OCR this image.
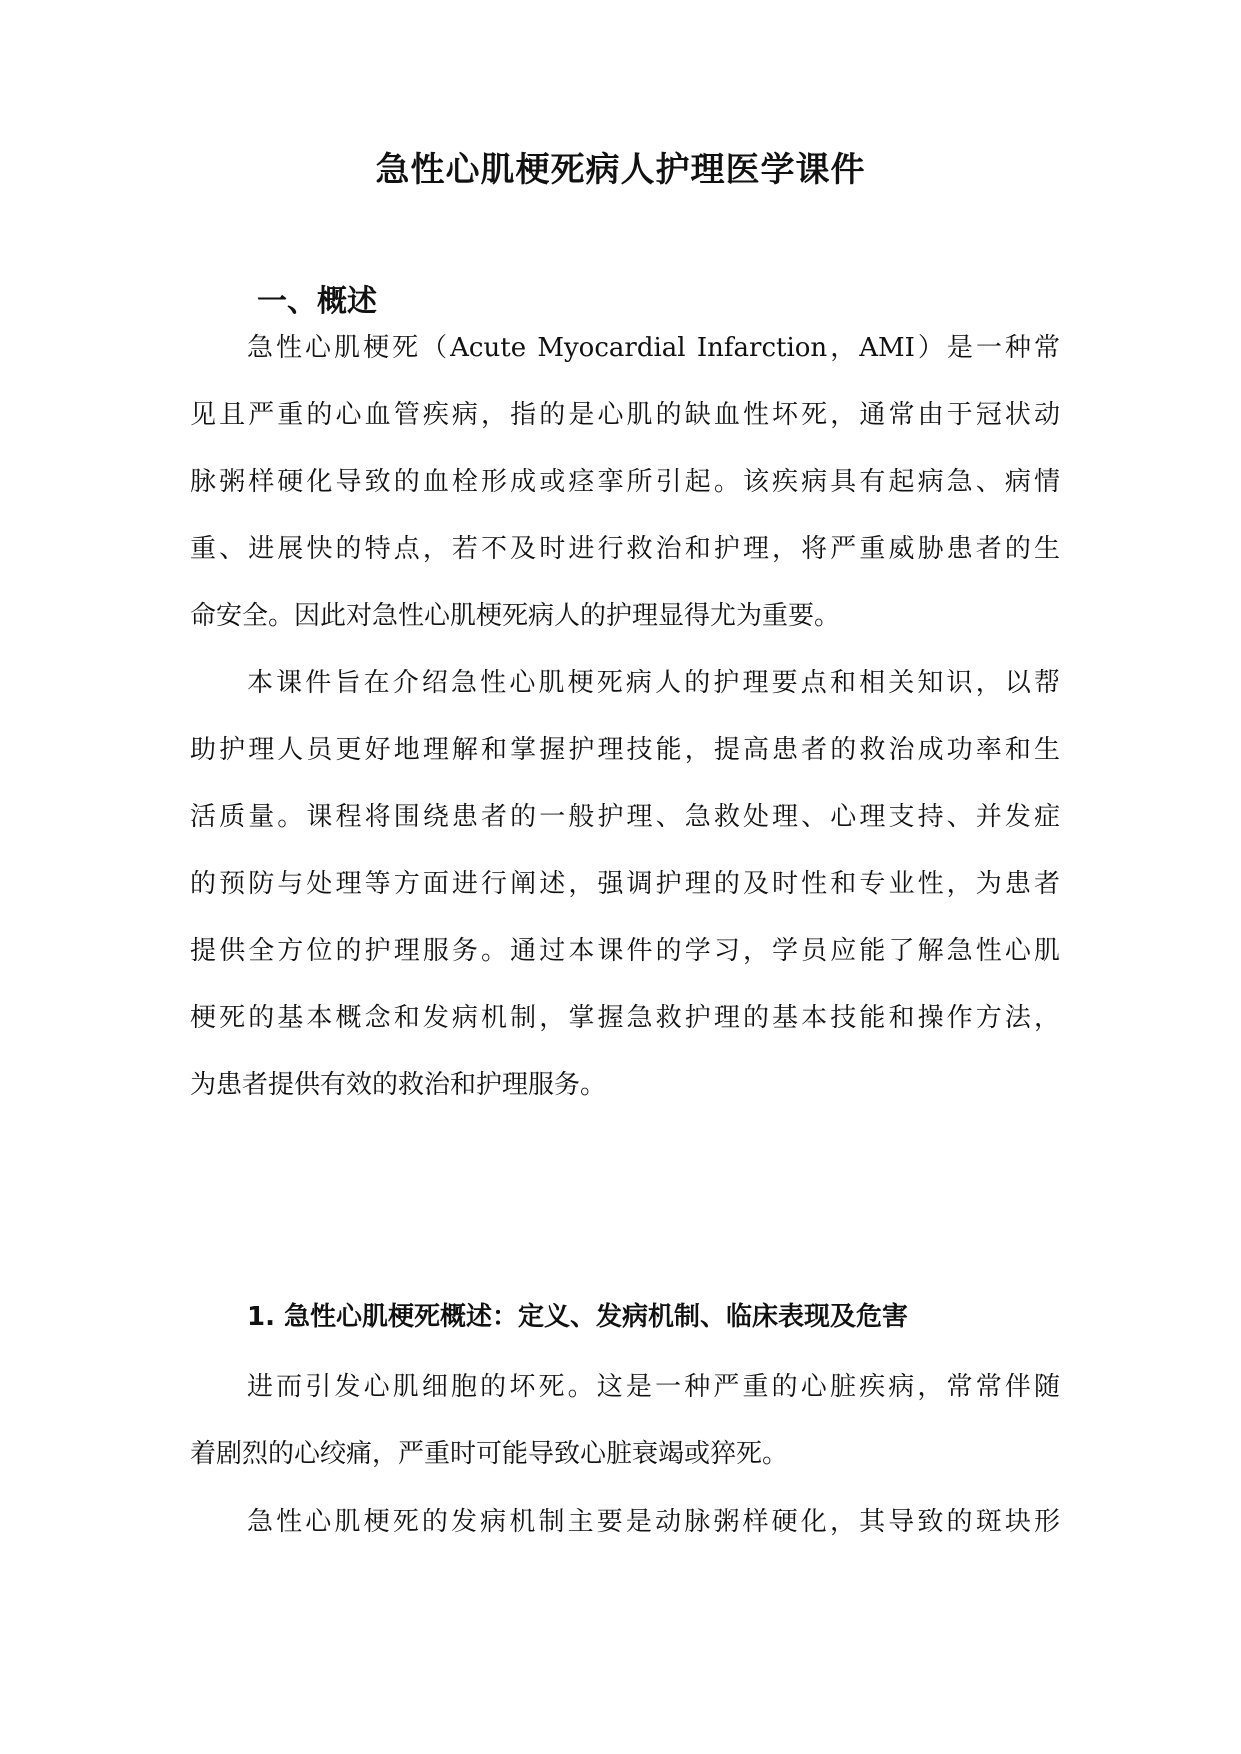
急性心肌梗死病人护理医学课件
一、概述
急性心肌梗死（Acute Myocardial Infarction，AMI）是一种常
见且严重的心血管疾病，指的是心肌的缺血性坏死，通常由于冠状动
脉粥样硬化导致的血栓形成或痉挛所引起。该疾病具有起病急、病情
重、进展快的特点，若不及时进行救治和护理，将严重威胁患者的生
命安全。因此对急性心肌梗死病人的护理显得尤为重要。
本课件旨在介绍急性心肌梗死病人的护理要点和相关知识，以帮
助护理人员更好地理解和掌握护理技能，提高患者的救治成功率和生
活质量。课程将围绕患者的一般护理、急救处理、心理支持、并发症
的预防与处理等方面进行阐述，强调护理的及时性和专业性，为患者
提供全方位的护理服务。通过本课件的学习，学员应能了解急性心肌
梗死的基本概念和发病机制，掌握急救护理的基本技能和操作方法，
为患者提供有效的救治和护理服务。
1. 急性心肌梗死概述：定义、发病机制、临床表现及危害
进而引发心肌细胞的坏死。这是一种严重的心脏疾病，常常伴随
着剧烈的心绞痛，严重时可能导致心脏衰竭或猝死。
急性心肌梗死的发病机制主要是动脉粥样硬化，其导致的斑块形
